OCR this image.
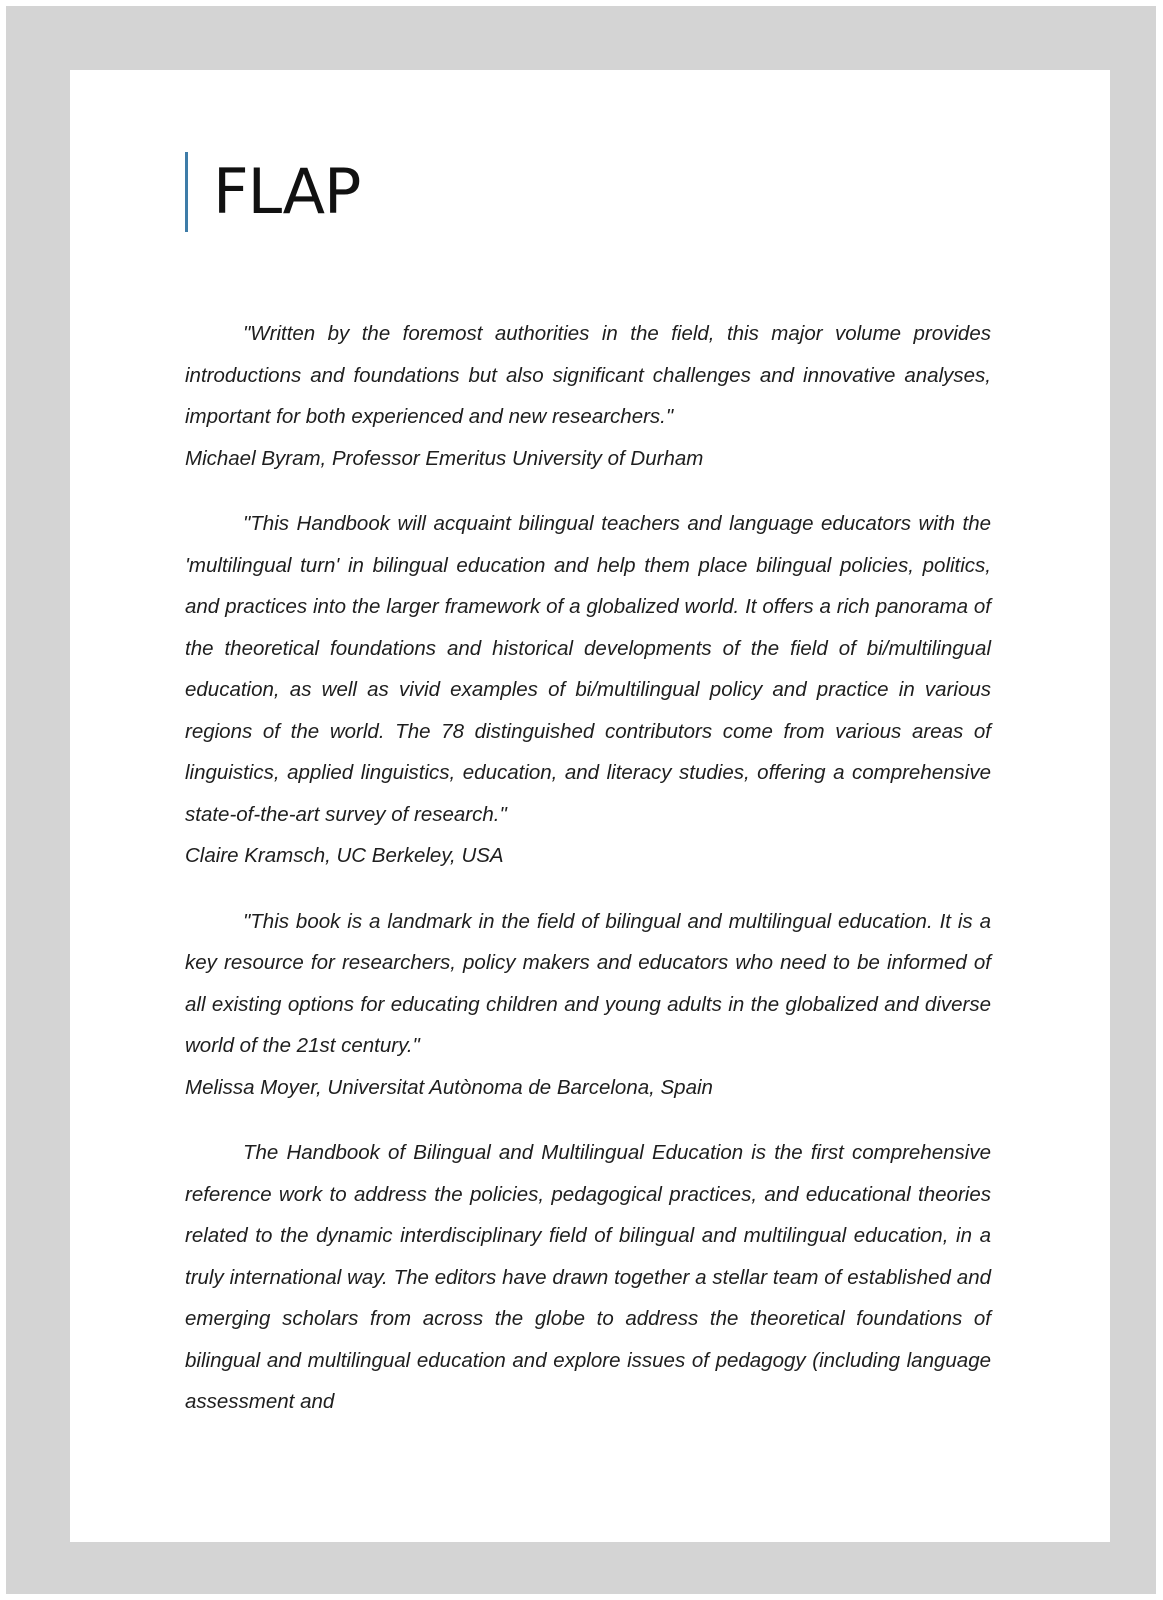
FLAP

"Written by the foremost authorities in the field, this major volume provides introductions and foundations but also significant challenges and innovative analyses, important for both experienced and new researchers."

Michael Byram, Professor Emeritus University of Durham

"This Handbook will acquaint bilingual teachers and language educators with the 'multilingual turn' in bilingual education and help them place bilingual policies, politics, and practices into the larger framework of a globalized world. It offers a rich panorama of the theoretical foundations and historical developments of the field of bi/multilingual education, as well as vivid examples of bi/multilingual policy and practice in various regions of the world. The 78 distinguished contributors come from various areas of linguistics, applied linguistics, education, and literacy studies, offering a comprehensive state-of-the-art survey of research."

Claire Kramsch, UC Berkeley, USA

"This book is a landmark in the field of bilingual and multilingual education. It is a key resource for researchers, policy makers and educators who need to be informed of all existing options for educating children and young adults in the globalized and diverse world of the 21st century."

Melissa Moyer, Universitat Autònoma de Barcelona, Spain

The Handbook of Bilingual and Multilingual Education is the first comprehensive reference work to address the policies, pedagogical practices, and educational theories related to the dynamic interdisciplinary field of bilingual and multilingual education, in a truly international way. The editors have drawn together a stellar team of established and emerging scholars from across the globe to address the theoretical foundations of bilingual and multilingual education and explore issues of pedagogy (including language assessment and
